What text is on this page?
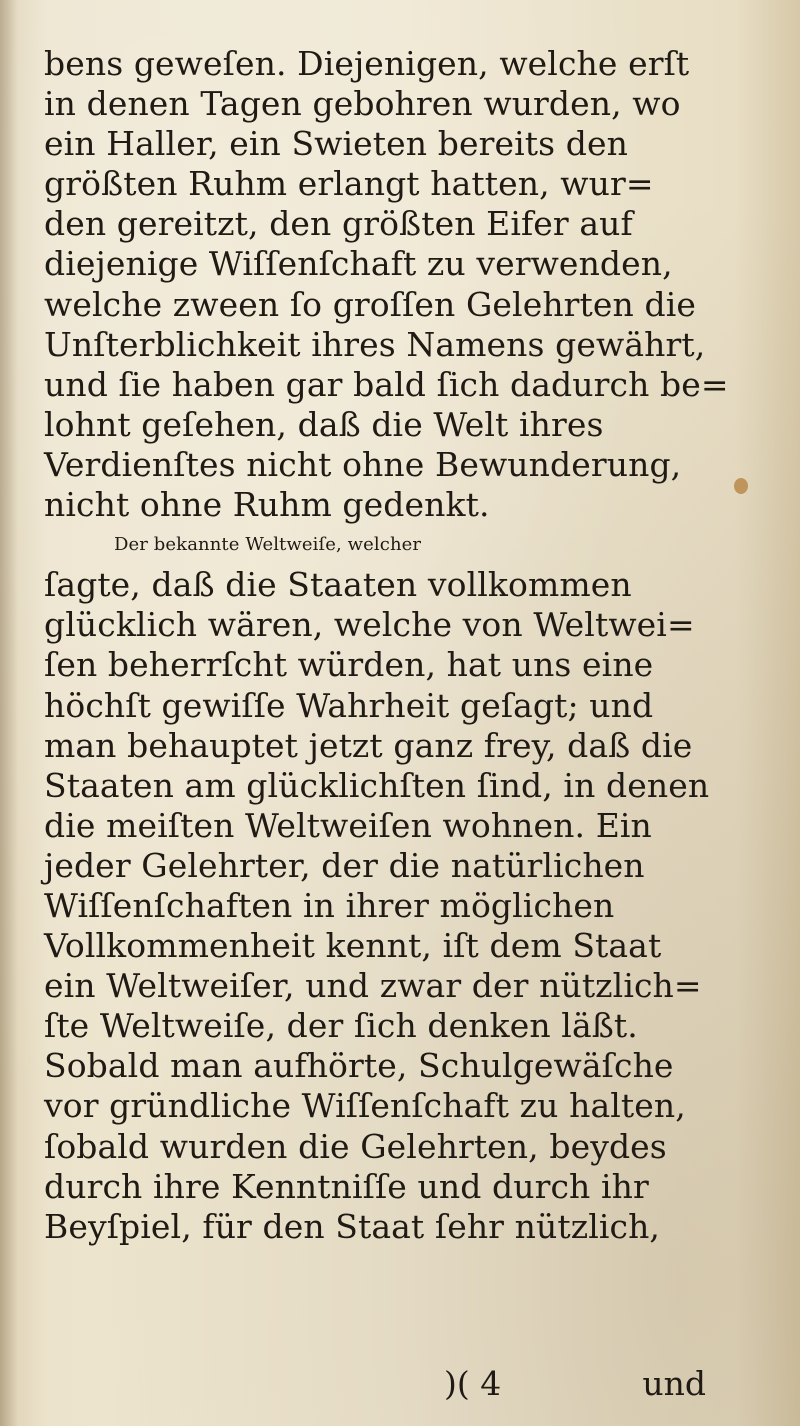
bens geweſen. Diejenigen, welche erſt
in denen Tagen gebohren wurden, wo
ein Haller, ein Swieten bereits den
größten Ruhm erlangt hatten, wur=
den gereitzt, den größten Eifer auf
diejenige Wiſſenſchaft zu verwenden,
welche zween ſo groſſen Gelehrten die
Unſterblichkeit ihres Namens gewährt,
und ſie haben gar bald ſich dadurch be=
lohnt geſehen, daß die Welt ihres
Verdienſtes nicht ohne Bewunderung,
nicht ohne Ruhm gedenkt.
Der bekannte Weltweiſe, welcher
ſagte, daß die Staaten vollkommen
glücklich wären, welche von Weltwei=
ſen beherrſcht würden, hat uns eine
höchſt gewiſſe Wahrheit geſagt; und
man behauptet jetzt ganz frey, daß die
Staaten am glücklichſten ſind, in denen
die meiſten Weltweiſen wohnen. Ein
jeder Gelehrter, der die natürlichen
Wiſſenſchaften in ihrer möglichen
Vollkommenheit kennt, iſt dem Staat
ein Weltweiſer, und zwar der nützlich=
ſte Weltweiſe, der ſich denken läßt.
Sobald man aufhörte, Schulgewäſche
vor gründliche Wiſſenſchaft zu halten,
ſobald wurden die Gelehrten, beydes
durch ihre Kenntniſſe und durch ihr
Beyſpiel, für den Staat ſehr nützlich,
)( 4	und
